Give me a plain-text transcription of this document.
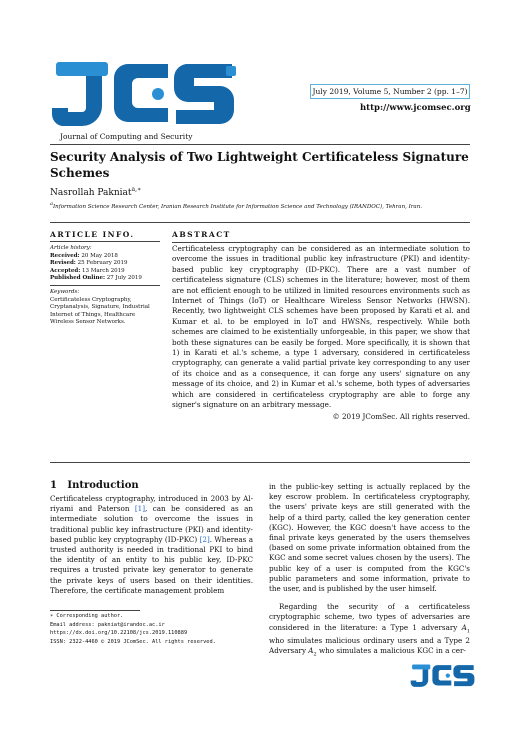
Journal of Computing and Security
July 2019, Volume 5, Number 2 (pp. 1–7)
http://www.jcomsec.org
Security Analysis of Two Lightweight Certificateless Signature Schemes
Nasrollah Pakniat$^{a,∗}$
$^a$Information Science Research Center, Iranian Research Institute for Information Science and Technology (IRANDOC), Tehran, Iran.
ARTICLE INFO.
Article history:
Received: 20 May 2018
Revised: 25 February 2019
Accepted: 13 March 2019
Published Online: 27 July 2019
Keywords:
Certificateless Cryptography, Cryptanalysis, Signature, Industrial Internet of Things, Healthcare Wireless Sensor Networks.
ABSTRACT
Certificateless cryptography can be considered as an intermediate solution to overcome the issues in traditional public key infrastructure (PKI) and identity-based public key cryptography (ID-PKC). There are a vast number of certificateless signature (CLS) schemes in the literature; however, most of them are not efficient enough to be utilized in limited resources environments such as Internet of Things (IoT) or Healthcare Wireless Sensor Networks (HWSN). Recently, two lightweight CLS schemes have been proposed by Karati et al. and Kumar et al. to be employed in IoT and HWSNs, respectively. While both schemes are claimed to be existentially unforgeable, in this paper, we show that both these signatures can be easily be forged. More specifically, it is shown that 1) in Karati et al.'s scheme, a type 1 adversary, considered in certificateless cryptography, can generate a valid partial private key corresponding to any user of its choice and as a consequence, it can forge any users' signature on any message of its choice, and 2) in Kumar et al.'s scheme, both types of adversaries which are considered in certificateless cryptography are able to forge any signer's signature on an arbitrary message.
© 2019 JComSec. All rights reserved.
1 Introduction
Certificateless cryptography, introduced in 2003 by Al-riyami and Paterson [1], can be considered as an intermediate solution to overcome the issues in traditional public key infrastructure (PKI) and identity-based public key cryptography (ID-PKC) [2]. Whereas a trusted authority is needed in traditional PKI to bind the identity of an entity to his public key, ID-PKC requires a trusted private key generator to generate the private keys of users based on their identities. Therefore, the certificate management problem

in the public-key setting is actually replaced by the key escrow problem. In certificateless cryptography, the users' private keys are still generated with the help of a third party, called the key generation center (KGC). However, the KGC doesn't have access to the final private keys generated by the users themselves (based on some private information obtained from the KGC and some secret values chosen by the users). The public key of a user is computed from the KGC's public parameters and some information, private to the user, and is published by the user himself.

Regarding the security of a certificateless cryptographic scheme, two types of adversaries are considered in the literature: a Type 1 adversary $A_1$ who simulates malicious ordinary users and a Type 2 Adversary $A_2$ who simulates a malicious KGC in a cer-

∗ Corresponding author.
Email address: pakniat@irandoc.ac.ir
https://dx.doi.org/10.22108/jcs.2019.110889
ISSN: 2322-4460 © 2019 JComSec. All rights reserved.
